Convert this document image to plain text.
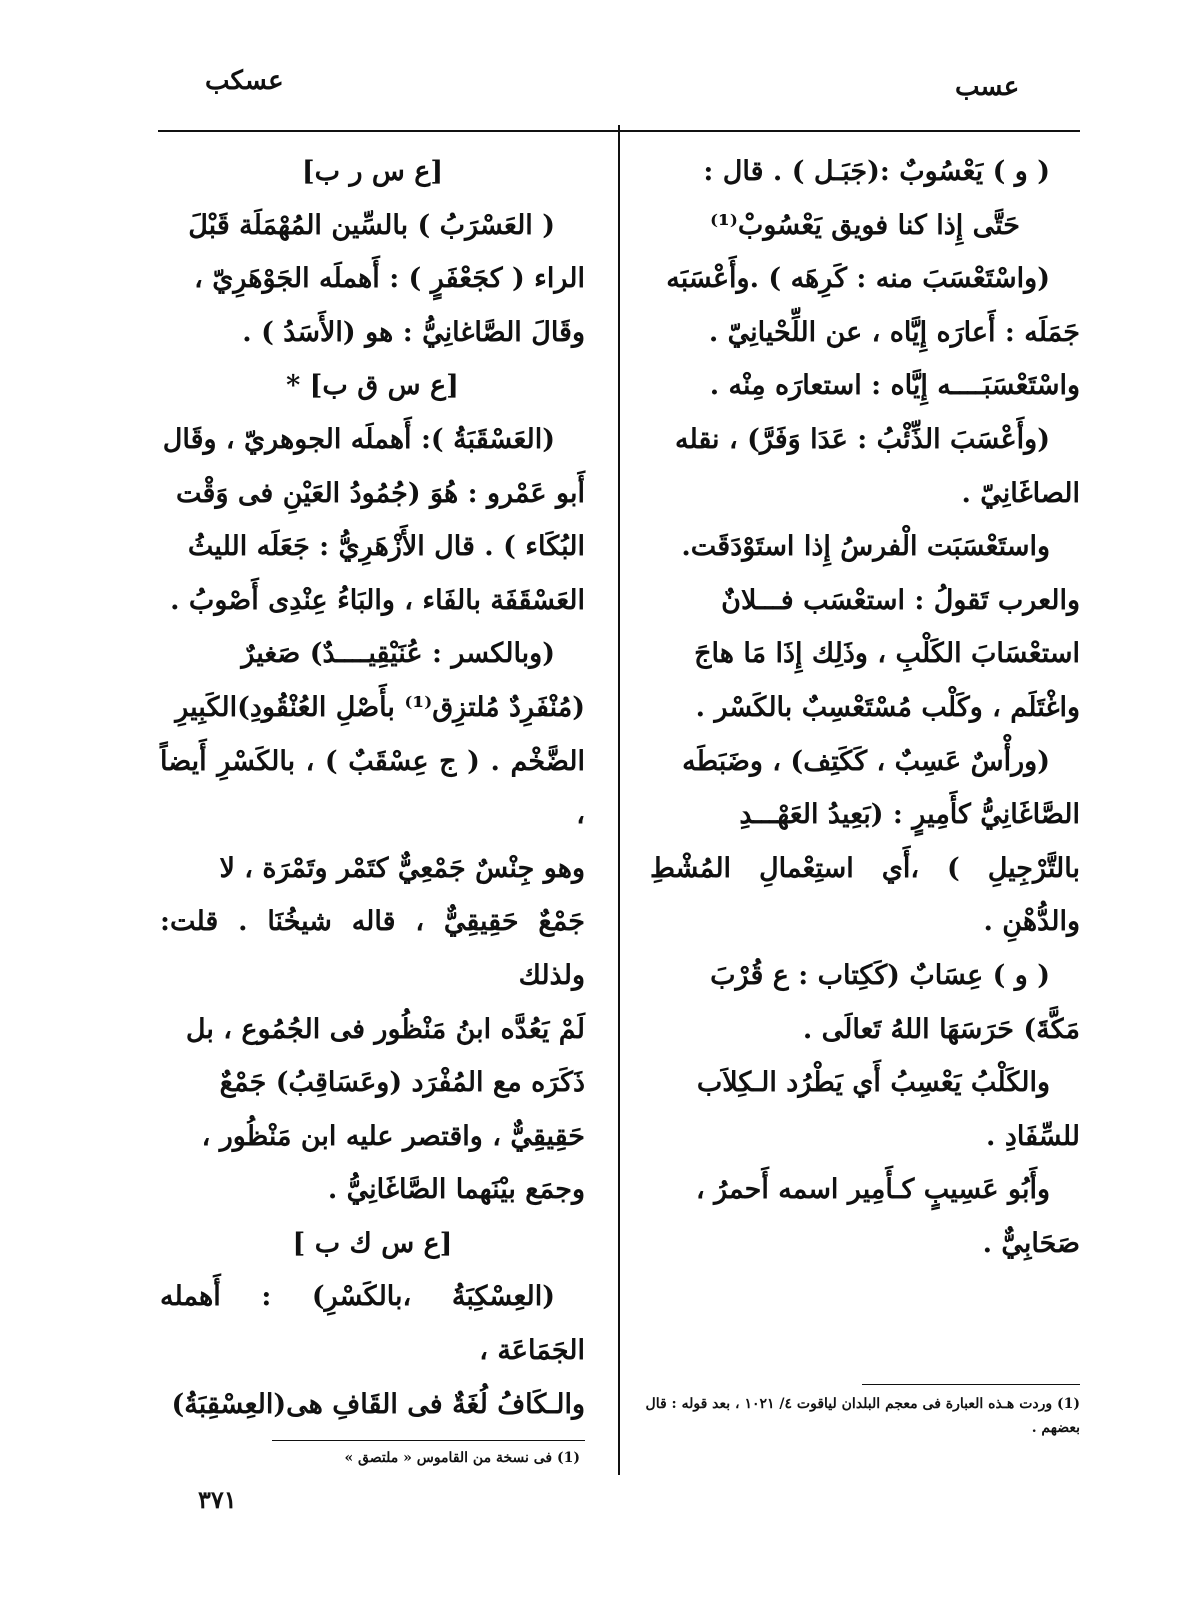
عسب
عسكب

( و ) يَعْسُوبٌ :(جَبَـل ) . قال :

حَتَّى إِذا كنا فويق يَعْسُوبْ⁽¹⁾

(واسْتَعْسَبَ منه : كَرِهَه ) .وأَعْسَبَه

جَمَلَه : أَعارَه إِيَّاه ، عن اللِّحْيانِيّ .

واسْتَعْسَبَــــه إِيَّاه : استعارَه مِنْه .

(وأَعْسَبَ الذِّئْبُ : عَدَا وَفَرَّ) ، نقله

الصاغَانِيّ .

واستَعْسَبَت الْفرسُ إِذا استَوْدَقَت.

والعرب تَقولُ : استعْسَب فـــلانٌ

استعْسَابَ الكَلْبِ ، وذَلِك إِذَا مَا هاجَ

واغْتَلَم ، وكَلْب مُسْتَعْسِبٌ بالكَسْر .

(ورأْسٌ عَسِبٌ ، كَكَتِف) ، وضَبَطَه

الصَّاغَانِيُّ كأَمِيرٍ : (بَعِيدُ العَهْـــدِ

بالتَّرْجِيلِ ) ،أَي استِعْمالِ المُشْطِ والدُّهْنِ .

( و ) عِسَابٌ (كَكِتاب : ع قُرْبَ

مَكَّةَ) حَرَسَهَا اللهُ تَعالَى .

والكَلْبُ يَعْسِبُ أَي يَطْرُد الـكِلاَب

للسِّفَادِ .

وأَبُو عَسِيبٍ كـأَمِير اسمه أَحمرُ ،

صَحَابِيٌّ .

[ع س ر ب]

( العَسْرَبُ ) بالسِّين المُهْمَلَة قَبْلَ

الراء ( كجَعْفَرٍ ) : أَهملَه الجَوْهَرِيّ ،

وقَالَ الصَّاغانِيُّ : هو (الأَسَدُ ) .

[ع س ق ب] *

(العَسْقَبَةُ ): أَهملَه الجوهريّ ، وقَال

أَبو عَمْرو : هُوَ (جُمُودُ العَيْنِ فى وَقْت

البُكَاء ) . قال الأَزْهَرِيُّ : جَعَلَه الليثُ

العَسْقَفَة بالفَاء ، والبَاءُ عِنْدِى أَصْوبُ .

(وبالكسر : عُنَيْقِيــــدٌ) صَغيرٌ

(مُنْفَرِدٌ مُلتزِق⁽¹⁾ بأَصْلِ العُنْقُودِ)الكَبِيرِ

الضَّخْم . ( ج عِسْقَبٌ ) ، بالكَسْرِ أَيضاً ،

وهو جِنْسٌ جَمْعِيٌّ كتَمْر وتَمْرَة ، لا

جَمْعٌ حَقِيقِيٌّ ، قاله شيخُنَا . قلت: ولذلك

لَمْ يَعُدَّه ابنُ مَنْظُور فى الجُمُوع ، بل

ذَكَرَه مع المُفْرَد (وعَسَاقِبُ) جَمْعٌ

حَقِيقِيٌّ ، واقتصر عليه ابن مَنْظُور ،

وجمَع بيْنَهما الصَّاغَانِيُّ .

[ع س ك ب ]

(العِسْكِبَةُ ،بالكَسْرِ) : أَهمله الجَمَاعَة ،

والـكَافُ لُغَةٌ فى القَافِ هى(العِسْقِبَةُ)	(1) وردت هـذه العبارة فى معجم البلدان لياقوت ٤/ ١٠٢١ ، بعد قوله : قال بعضهم .
(1) فى نسخة من القاموس « ملتصق »
٣٧١
